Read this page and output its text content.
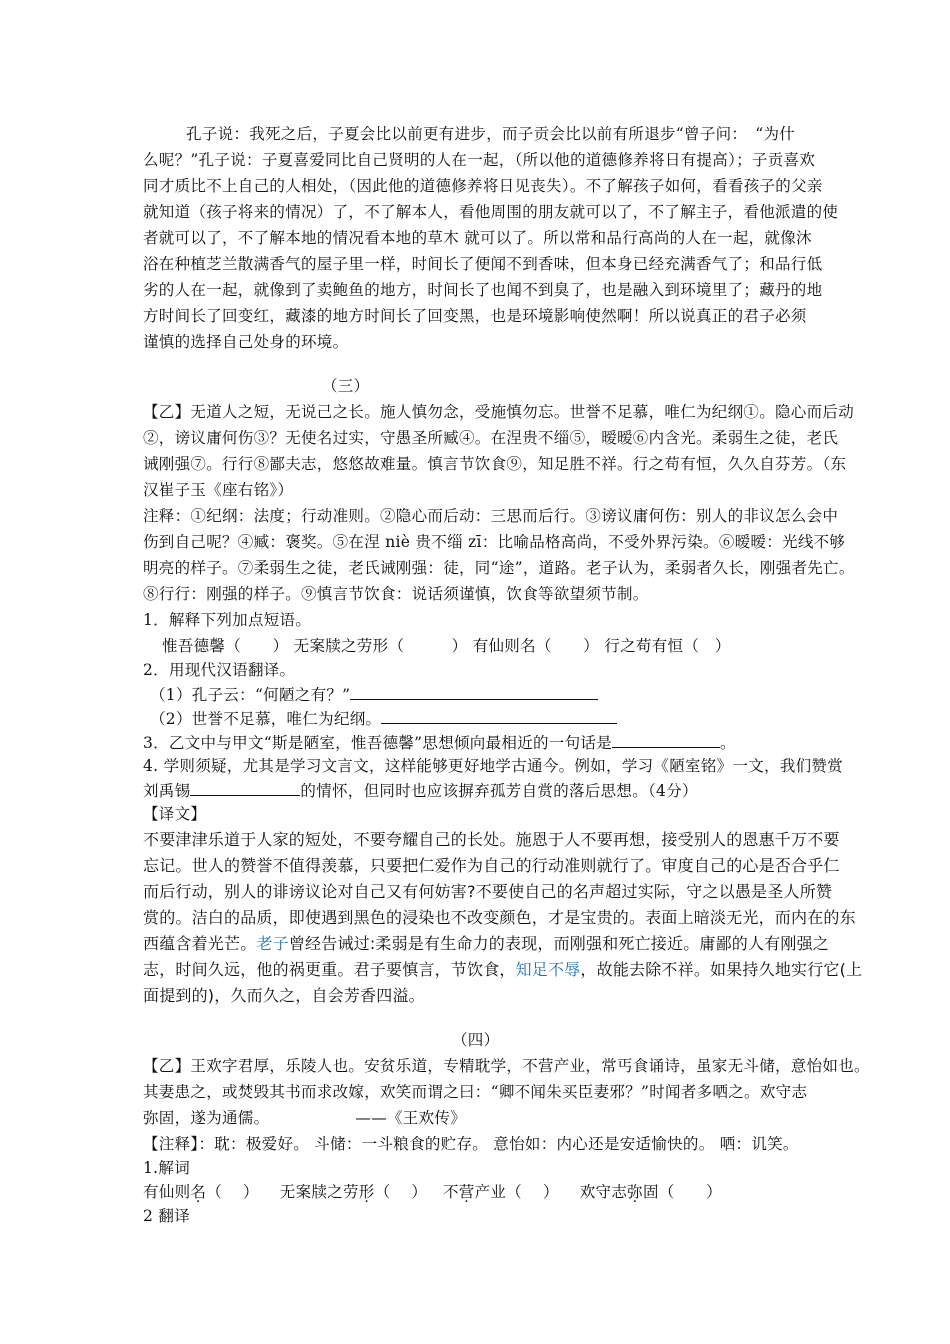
孔子说：我死之后，子夏会比以前更有进步，而子贡会比以前有所退步“曾子问：　“为什
么呢？”孔子说：子夏喜爱同比自己贤明的人在一起，（所以他的道德修养将日有提高）；子贡喜欢
同才质比不上自己的人相处，（因此他的道德修养将日见丧失）。不了解孩子如何，看看孩子的父亲
就知道（孩子将来的情况）了，不了解本人，看他周围的朋友就可以了，不了解主子，看他派遣的使
者就可以了，不了解本地的情况看本地的草木 就可以了。所以常和品行高尚的人在一起，就像沐
浴在种植芝兰散满香气的屋子里一样，时间长了便闻不到香味，但本身已经充满香气了；和品行低
劣的人在一起，就像到了卖鲍鱼的地方，时间长了也闻不到臭了，也是融入到环境里了；藏丹的地
方时间长了回变红，藏漆的地方时间长了回变黑，也是环境影响使然啊！所以说真正的君子必须
谨慎的选择自己处身的环境。
（三）
【乙】无道人之短，无说己之长。施人慎勿念，受施慎勿忘。世誉不足慕，唯仁为纪纲①。隐心而后动
②，谤议庸何伤③？无使名过实，守愚圣所臧④。在涅贵不缁⑤，暧暧⑥内含光。柔弱生之徒，老氏
诫刚强⑦。行行⑧鄙夫志，悠悠故难量。慎言节饮食⑨，知足胜不祥。行之苟有恒，久久自芬芳。（东
汉崔子玉《座右铭》）
注释：①纪纲：法度；行动准则。②隐心而后动：三思而后行。③谤议庸何伤：别人的非议怎么会中
伤到自己呢？④臧：褒奖。⑤在涅 niè 贵不缁 zī：比喻品格高尚，不受外界污染。⑥暧暧：光线不够
明亮的样子。⑦柔弱生之徒，老氏诫刚强：徒，同“途”，道路。老子认为，柔弱者久长，刚强者先亡。
⑧行行：刚强的样子。⑨慎言节饮食：说话须谨慎，饮食等欲望须节制。
1．解释下列加点短语。
惟吾德馨（　　） 无案牍之劳形（　　　） 有仙则名（　　） 行之苟有恒（　）
2．用现代汉语翻译。
（1）孔子云：“何陋之有？”
（2）世誉不足慕，唯仁为纪纲。
3．乙文中与甲文“斯是陋室，惟吾德馨”思想倾向最相近的一句话是	。
4. 学则须疑，尤其是学习文言文，这样能够更好地学古通今。例如，学习《陋室铭》一文，我们赞赏
刘禹锡	的情怀，但同时也应该摒弃孤芳自赏的落后思想。（4分）
【译文】
不要津津乐道于人家的短处，不要夸耀自己的长处。施恩于人不要再想，接受别人的恩惠千万不要
忘记。世人的赞誉不值得羡慕，只要把仁爱作为自己的行动准则就行了。审度自己的心是否合乎仁
而后行动，别人的诽谤议论对自己又有何妨害?不要使自己的名声超过实际，守之以愚是圣人所赞
赏的。洁白的品质，即使遇到黑色的浸染也不改变颜色，才是宝贵的。表面上暗淡无光，而内在的东
西蕴含着光芒。老子曾经告诫过:柔弱是有生命力的表现，而刚强和死亡接近。庸鄙的人有刚强之
志，时间久远，他的祸更重。君子要慎言，节饮食，知足不辱，故能去除不祥。如果持久地实行它(上
面提到的)，久而久之，自会芳香四溢。
（四）
【乙】王欢字君厚，乐陵人也。安贫乐道，专精耽学，不营产业，常丐食诵诗，虽家无斗储，意怡如也。
其妻患之，或焚毁其书而求改嫁，欢笑而谓之曰：“卿不闻朱买臣妻邪？”时闻者多哂之。欢守志
弥固，遂为通儒。	——《王欢传》
【注释】：耽：极爱好。 斗储：一斗粮食的贮存。 意怡如：内心还是安适愉快的。 哂：讥笑。
1.解词
有仙则名（　 ） 无案牍之劳形（　 ） 不营产业（　 ） 欢守志弥固（　　）
2 翻译
